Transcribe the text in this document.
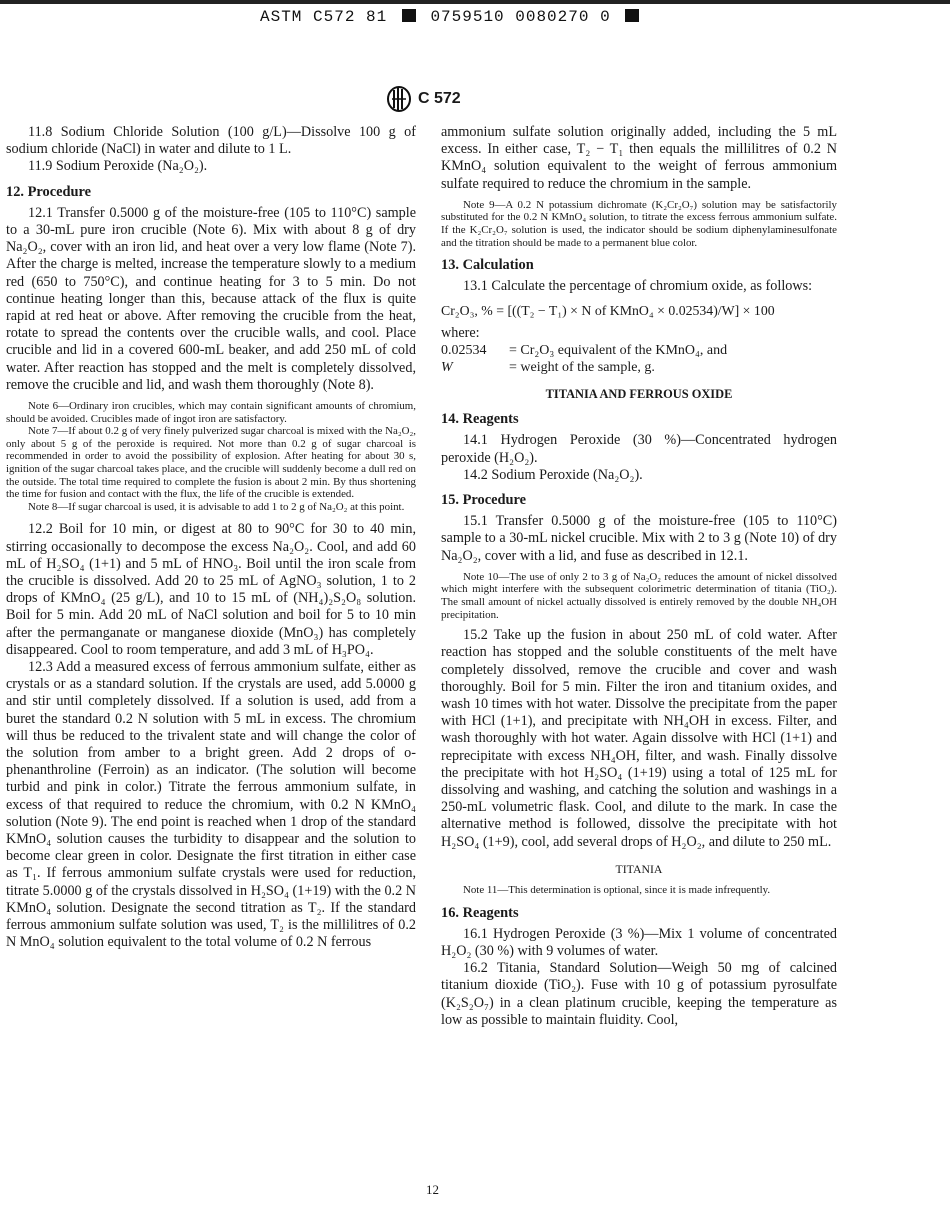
ASTM C572 81	0759510 0080270 0
C 572

11.8 Sodium Chloride Solution (100 g/L)—Dissolve 100 g of sodium chloride (NaCl) in water and dilute to 1 L.

11.9 Sodium Peroxide (Na₂O₂).

12. Procedure

12.1 Transfer 0.5000 g of the moisture-free (105 to 110°C) sample to a 30-mL pure iron crucible (Note 6). Mix with about 8 g of dry Na₂O₂, cover with an iron lid, and heat over a very low flame (Note 7). After the charge is melted, increase the temperature slowly to a medium red (650 to 750°C), and continue heating for 3 to 5 min. Do not continue heating longer than this, because attack of the flux is quite rapid at red heat or above. After removing the crucible from the heat, rotate to spread the contents over the crucible walls, and cool. Place crucible and lid in a covered 600-mL beaker, and add 250 mL of cold water. After reaction has stopped and the melt is completely dissolved, remove the crucible and lid, and wash them thoroughly (Note 8).

Note 6—Ordinary iron crucibles, which may contain significant amounts of chromium, should be avoided. Crucibles made of ingot iron are satisfactory.

Note 7—If about 0.2 g of very finely pulverized sugar charcoal is mixed with the Na₂O₂, only about 5 g of the peroxide is required. Not more than 0.2 g of sugar charcoal is recommended in order to avoid the possibility of explosion. After heating for about 30 s, ignition of the sugar charcoal takes place, and the crucible will suddenly become a dull red on the outside. The total time required to complete the fusion is about 2 min. By thus shortening the time for fusion and contact with the flux, the life of the crucible is extended.

Note 8—If sugar charcoal is used, it is advisable to add 1 to 2 g of Na₂O₂ at this point.

12.2 Boil for 10 min, or digest at 80 to 90°C for 30 to 40 min, stirring occasionally to decompose the excess Na₂O₂. Cool, and add 60 mL of H₂SO₄ (1+1) and 5 mL of HNO₃. Boil until the iron scale from the crucible is dissolved. Add 20 to 25 mL of AgNO₃ solution, 1 to 2 drops of KMnO₄ (25 g/L), and 10 to 15 mL of (NH₄)₂S₂O₈ solution. Boil for 5 min. Add 20 mL of NaCl solution and boil for 5 to 10 min after the permanganate or manganese dioxide (MnO₃) has completely disappeared. Cool to room temperature, and add 3 mL of H₃PO₄.

12.3 Add a measured excess of ferrous ammonium sulfate, either as crystals or as a standard solution. If the crystals are used, add 5.0000 g and stir until completely dissolved. If a solution is used, add from a buret the standard 0.2 N solution with 5 mL in excess. The chromium will thus be reduced to the trivalent state and will change the color of the solution from amber to a bright green. Add 2 drops of o-phenanthroline (Ferroin) as an indicator. (The solution will become turbid and pink in color.) Titrate the ferrous ammonium sulfate, in excess of that required to reduce the chromium, with 0.2 N KMnO₄ solution (Note 9). The end point is reached when 1 drop of the standard KMnO₄ solution causes the turbidity to disappear and the solution to become clear green in color. Designate the first titration in either case as T₁. If ferrous ammonium sulfate crystals were used for reduction, titrate 5.0000 g of the crystals dissolved in H₂SO₄ (1+19) with the 0.2 N KMnO₄ solution. Designate the second titration as T₂. If the standard ferrous ammonium sulfate solution was used, T₂ is the millilitres of 0.2 N MnO₄ solution equivalent to the total volume of 0.2 N ferrous

ammonium sulfate solution originally added, including the 5 mL excess. In either case, T₂ − T₁ then equals the millilitres of 0.2 N KMnO₄ solution equivalent to the weight of ferrous ammonium sulfate required to reduce the chromium in the sample.

Note 9—A 0.2 N potassium dichromate (K₂Cr₂O₇) solution may be satisfactorily substituted for the 0.2 N KMnO₄ solution, to titrate the excess ferrous ammonium sulfate. If the K₂Cr₂O₇ solution is used, the indicator should be sodium diphenylaminesulfonate and the titration should be made to a permanent blue color.

13. Calculation

13.1 Calculate the percentage of chromium oxide, as follows:

Cr₂O₃, % = [((T₂ − T₁) × N of KMnO₄ × 0.02534)/W] × 100

where:

0.02534	= Cr₂O₃ equivalent of the KMnO₄, and
W	= weight of the sample, g.

TITANIA AND FERROUS OXIDE

14. Reagents

14.1 Hydrogen Peroxide (30 %)—Concentrated hydrogen peroxide (H₂O₂).

14.2 Sodium Peroxide (Na₂O₂).

15. Procedure

15.1 Transfer 0.5000 g of the moisture-free (105 to 110°C) sample to a 30-mL nickel crucible. Mix with 2 to 3 g (Note 10) of dry Na₂O₂, cover with a lid, and fuse as described in 12.1.

Note 10—The use of only 2 to 3 g of Na₂O₂ reduces the amount of nickel dissolved which might interfere with the subsequent colorimetric determination of titania (TiO₂). The small amount of nickel actually dissolved is entirely removed by the double NH₄OH precipitation.

15.2 Take up the fusion in about 250 mL of cold water. After reaction has stopped and the soluble constituents of the melt have completely dissolved, remove the crucible and cover and wash thoroughly. Boil for 5 min. Filter the iron and titanium oxides, and wash 10 times with hot water. Dissolve the precipitate from the paper with HCl (1+1), and precipitate with NH₄OH in excess. Filter, and wash thoroughly with hot water. Again dissolve with HCl (1+1) and reprecipitate with excess NH₄OH, filter, and wash. Finally dissolve the precipitate with hot H₂SO₄ (1+19) using a total of 125 mL for dissolving and washing, and catching the solution and washings in a 250-mL volumetric flask. Cool, and dilute to the mark. In case the alternative method is followed, dissolve the precipitate with hot H₂SO₄ (1+9), cool, add several drops of H₂O₂, and dilute to 250 mL.

TITANIA

Note 11—This determination is optional, since it is made infrequently.

16. Reagents

16.1 Hydrogen Peroxide (3 %)—Mix 1 volume of concentrated H₂O₂ (30 %) with 9 volumes of water.

16.2 Titania, Standard Solution—Weigh 50 mg of calcined titanium dioxide (TiO₂). Fuse with 10 g of potassium pyrosulfate (K₂S₂O₇) in a clean platinum crucible, keeping the temperature as low as possible to maintain fluidity. Cool,

12
